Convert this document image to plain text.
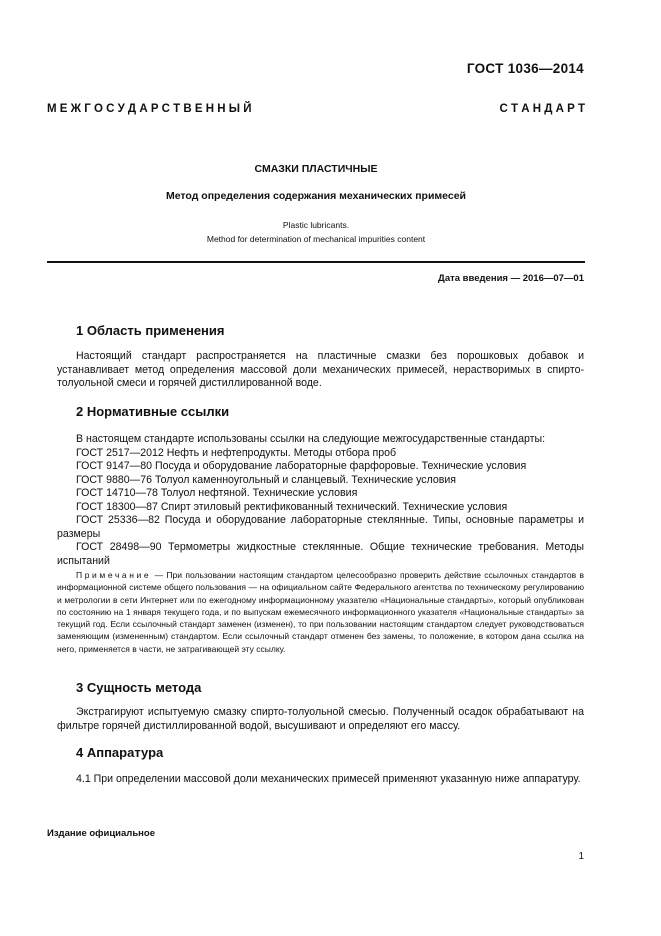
ГОСТ 1036—2014
М Е Ж Г О С У Д А Р С Т В Е Н Н Ы Й	С Т А Н Д А Р Т
СМАЗКИ ПЛАСТИЧНЫЕ
Метод определения содержания механических примесей
Plastic lubricants.
Method for determination of mechanical impurities content
Дата введения — 2016—07—01
1 Область применения
Настоящий стандарт распространяется на пластичные смазки без порошковых добавок и устанавливает метод определения массовой доли механических примесей, нерастворимых в спирто-толуольной смеси и горячей дистиллированной воде.
2 Нормативные ссылки
В настоящем стандарте использованы ссылки на следующие межгосударственные стандарты:
ГОСТ 2517—2012 Нефть и нефтепродукты. Методы отбора проб
ГОСТ 9147—80 Посуда и оборудование лабораторные фарфоровые. Технические условия
ГОСТ 9880—76 Толуол каменноугольный и сланцевый. Технические условия
ГОСТ 14710—78 Толуол нефтяной. Технические условия
ГОСТ 18300—87 Спирт этиловый ректификованный технический. Технические условия
ГОСТ 25336—82 Посуда и оборудование лабораторные стеклянные. Типы, основные параметры и размеры
ГОСТ 28498—90 Термометры жидкостные стеклянные. Общие технические требования. Методы испытаний
Примечание — При пользовании настоящим стандартом целесообразно проверить действие ссылочных стандартов в информационной системе общего пользования — на официальном сайте Федерального агентства по техническому регулированию и метрологии в сети Интернет или по ежегодному информационному указателю «Национальные стандарты», который опубликован по состоянию на 1 января текущего года, и по выпускам ежемесячного информационного указателя «Национальные стандарты» за текущий год. Если ссылочный стандарт заменен (изменен), то при пользовании настоящим стандартом следует руководствоваться заменяющим (измененным) стандартом. Если ссылочный стандарт отменен без замены, то положение, в котором дана ссылка на него, применяется в части, не затрагивающей эту ссылку.
3 Сущность метода
Экстрагируют испытуемую смазку спирто-толуольной смесью. Полученный осадок обрабатывают на фильтре горячей дистиллированной водой, высушивают и определяют его массу.
4 Аппаратура
4.1 При определении массовой доли механических примесей применяют указанную ниже аппаратуру.
Издание официальное
1
